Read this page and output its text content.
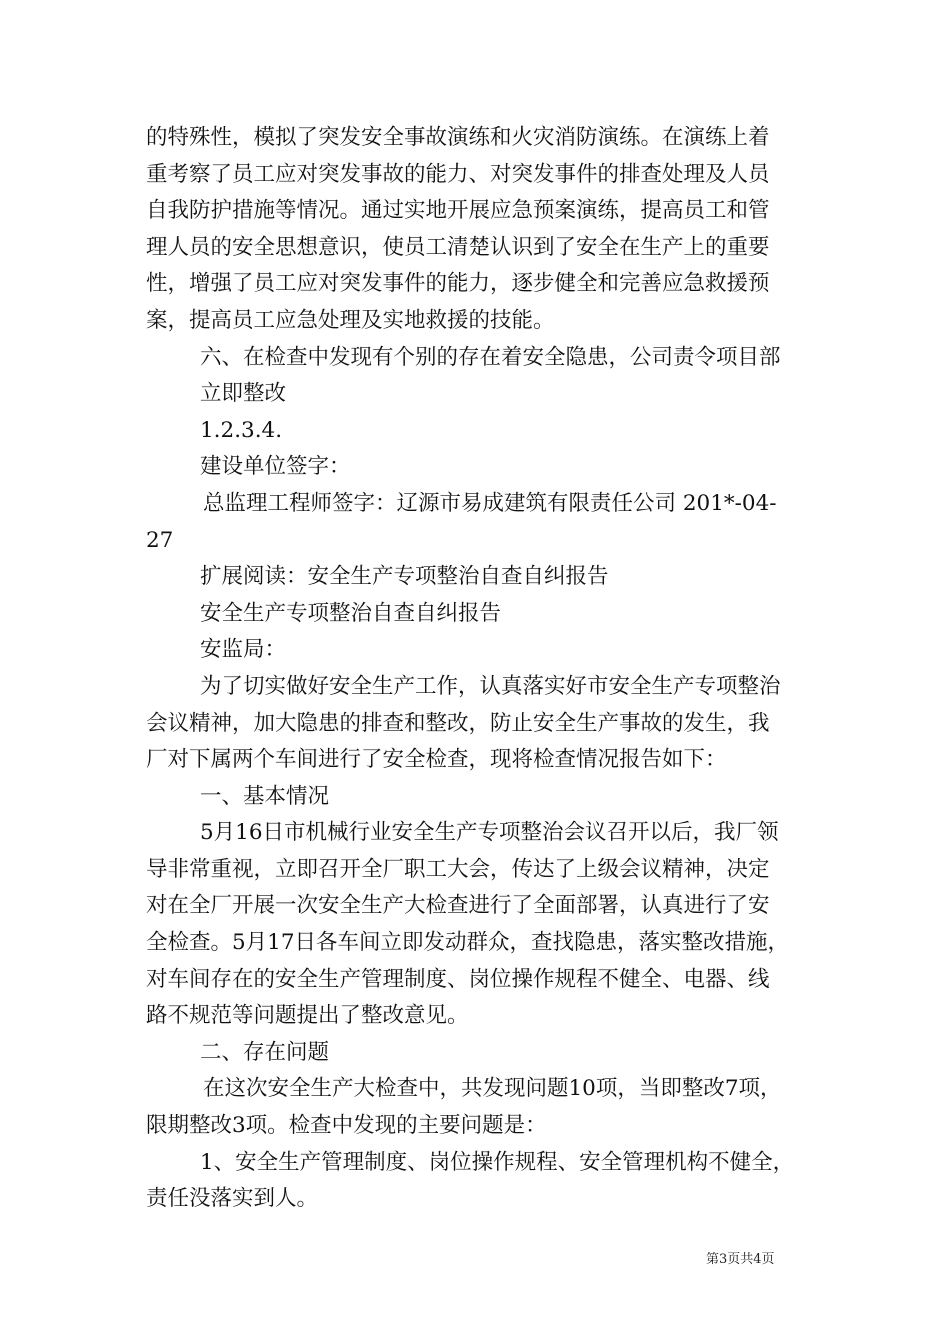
的特殊性，模拟了突发安全事故演练和火灾消防演练。在演练上着
重考察了员工应对突发事故的能力、对突发事件的排查处理及人员
自我防护措施等情况。通过实地开展应急预案演练，提高员工和管
理人员的安全思想意识，使员工清楚认识到了安全在生产上的重要
性，增强了员工应对突发事件的能力，逐步健全和完善应急救援预
案，提高员工应急处理及实地救援的技能。
六、在检查中发现有个别的存在着安全隐患，公司责令项目部
立即整改
1.2.3.4.
建设单位签字：
总监理工程师签字：辽源市易成建筑有限责任公司 201*-04-
27
扩展阅读：安全生产专项整治自查自纠报告
安全生产专项整治自查自纠报告
安监局：
为了切实做好安全生产工作，认真落实好市安全生产专项整治
会议精神，加大隐患的排查和整改，防止安全生产事故的发生，我
厂对下属两个车间进行了安全检查，现将检查情况报告如下：
一、基本情况
5月16日市机械行业安全生产专项整治会议召开以后，我厂领
导非常重视，立即召开全厂职工大会，传达了上级会议精神，决定
对在全厂开展一次安全生产大检查进行了全面部署，认真进行了安
全检查。5月17日各车间立即发动群众，查找隐患，落实整改措施，
对车间存在的安全生产管理制度、岗位操作规程不健全、电器、线
路不规范等问题提出了整改意见。
二、存在问题
在这次安全生产大检查中，共发现问题10项，当即整改7项，
限期整改3项。检查中发现的主要问题是：
1、安全生产管理制度、岗位操作规程、安全管理机构不健全，
责任没落实到人。
第3页共4页
